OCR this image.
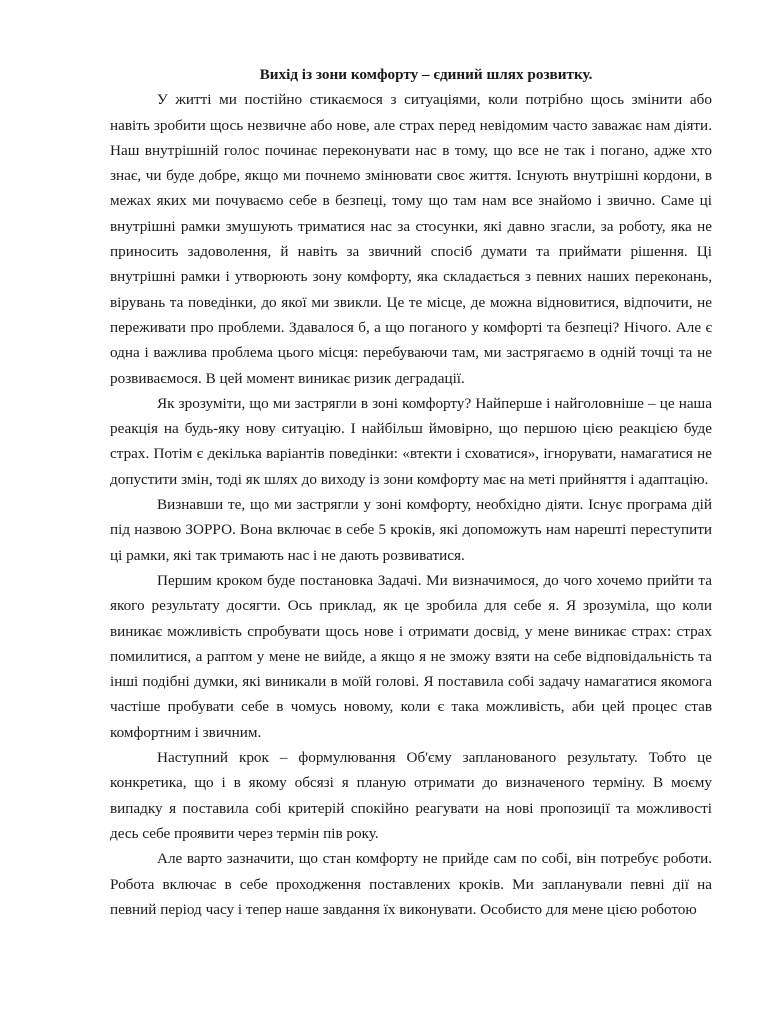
Вихід із зони комфорту – єдиний шлях розвитку.

У житті ми постійно стикаємося з ситуаціями, коли потрібно щось змінити або навіть зробити щось незвичне або нове, але страх перед невідомим часто заважає нам діяти. Наш внутрішній голос починає переконувати нас в тому, що все не так і погано, адже хто знає, чи буде добре, якщо ми почнемо змінювати своє життя. Існують внутрішні кордони, в межах яких ми почуваємо себе в безпеці, тому що там нам все знайомо і звично. Саме ці внутрішні рамки змушують триматися нас за стосунки, які давно згасли, за роботу, яка не приносить задоволення, й навіть за звичний спосіб думати та приймати рішення. Ці внутрішні рамки і утворюють зону комфорту, яка складається з певних наших переконань, вірувань та поведінки, до якої ми звикли. Це те місце, де можна відновитися, відпочити, не переживати про проблеми. Здавалося б, а що поганого у комфорті та безпеці? Нічого. Але є одна і важлива проблема цього місця: перебуваючи там, ми застрягаємо в одній точці та не розвиваємося. В цей момент виникає ризик деградації.

Як зрозуміти, що ми застрягли в зоні комфорту? Найперше і найголовніше – це наша реакція на будь-яку нову ситуацію. І найбільш ймовірно, що першою цією реакцією буде страх. Потім є декілька варіантів поведінки: «втекти і сховатися», ігнорувати, намагатися не допустити змін, тоді як шлях до виходу із зони комфорту має на меті прийняття і адаптацію.

Визнавши те, що ми застрягли у зоні комфорту, необхідно діяти. Існує програма дій під назвою ЗОРРО. Вона включає в себе 5 кроків, які допоможуть нам нарешті переступити ці рамки, які так тримають нас і не дають розвиватися.

Першим кроком буде постановка Задачі. Ми визначимося, до чого хочемо прийти та якого результату досягти. Ось приклад, як це зробила для себе я. Я зрозуміла, що коли виникає можливість спробувати щось нове і отримати досвід, у мене виникає страх: страх помилитися, а раптом у мене не вийде, а якщо я не зможу взяти на себе відповідальність та інші подібні думки, які виникали в моїй голові. Я поставила собі задачу намагатися якомога частіше пробувати себе в чомусь новому, коли є така можливість, аби цей процес став комфортним і звичним.

Наступний крок – формулювання Об'єму запланованого результату. Тобто це конкретика, що і в якому обсязі я планую отримати до визначеного терміну. В моєму випадку я поставила собі критерій спокійно реагувати на нові пропозиції та можливості десь себе проявити через термін пів року.

Але варто зазначити, що стан комфорту не прийде сам по собі, він потребує роботи. Робота включає в себе проходження поставлених кроків. Ми запланували певні дії на певний період часу і тепер наше завдання їх виконувати. Особисто для мене цією роботою
